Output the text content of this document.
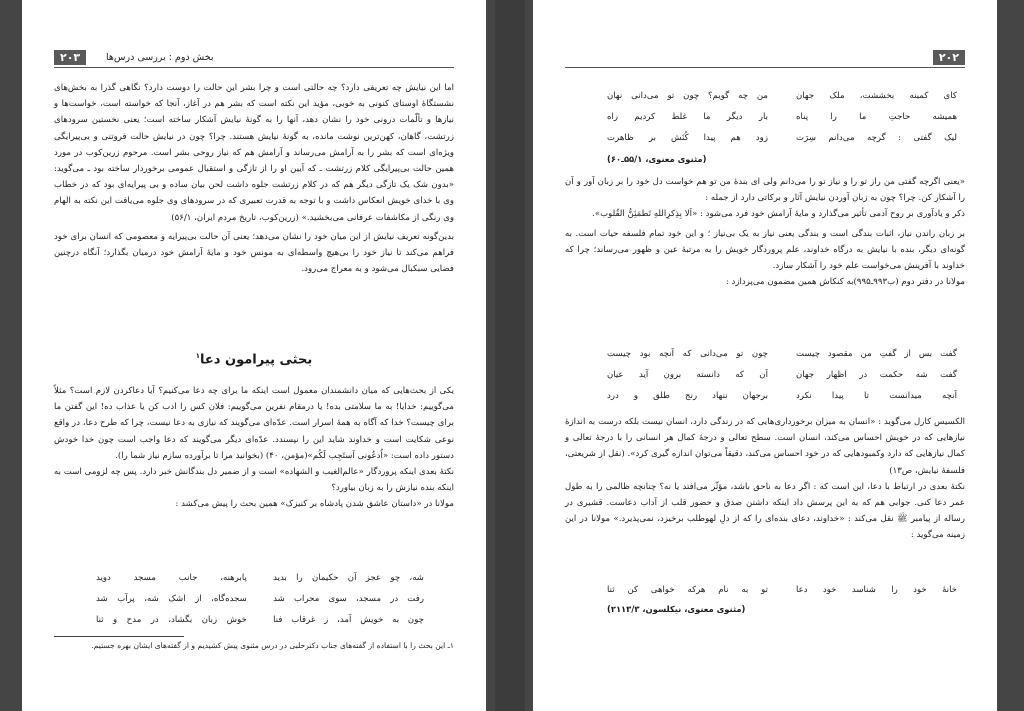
۲۰۳	بخش دوم : بررسی درس‌ها

اما این نیایش چه تعریفی دارد؟ چه حالتی است و چرا بشر این حالت را دوست دارد؟ نگاهی گذرا به بخش‌های نشستگاهٔ اوستای کنونی به خوبی، مؤید این نکته است که بشر هم در آغاز، آنجا که خواسته است، خواست‌ها و نیازها و تألّمات درونی خود را نشان دهد، آنها را به گونهٔ نیایش آشکار ساخته است؛ یعنی نخستین سرودهای زرتشت، گاهان، کهن‌ترین نوشت مانده، به گونهٔ نیایش هستند. چرا؟ چون در نیایش حالت فروتنی و بی‌پیرایگی ویژه‌ای است که بشر را به آرامش می‌رساند و آرامش هم که نیاز روحی بشر است. مرحوم زرین‌کوب در مورد همین حالت بی‌پیرایگی کلام زرتشت ـ که آیین او را از تازگی و استقبال عمومی برخوردار ساخته بود ـ می‌گوید: «بدون شک یک تازگی دیگر هم که در کلام زرتشت جلوه داشت لحن بیان ساده و بی پیرایه‌ای بود که در خطاب وی با خدای خویش انعکاس داشت و با توجه به قدرت تعبیری که در سرودهای وی جلوه می‌یافت این نکته به الهام وی رنگی از مکاشفات عرفانی می‌بخشید.» (زرین‌کوب، تاریخ مردم ایران، ۵۶/۱)

بدین‌گونه تعریف نیایش از این میان خود را نشان می‌دهد؛ یعنی آن حالت بی‌پیرایه و معصومی که انسان برای خود فراهم می‌کند تا نیاز خود را بی‌هیچ واسطه‌ای به مونس خود و مایهٔ آرامش خود درمیان بگذارد؛ آنگاه درچنین فضایی سبکبال می‌شود و به معراج می‌رود.

بحثی پیرامون دعا$^۱$

یکی از بحث‌هایی که میان دانشمندان معمول است اینکه ما برای چه دعا می‌کنیم؟ آیا دعاکردن لازم است؟ مثلاً می‌گوییم: خدایا! به ما سلامتی بده! یا درمقام نفرین می‌گوییم: فلان کس را ادب کن یا عذاب ده! این گفتن ما برای چیست؟ خدا که آگاه به همهٔ اسرار است. عدّه‌ای می‌گویند که نیازی به دعا نیست، چرا که طرح دعا، در واقع نوعی شکایت است و خداوند شاید این را نپسندد. عدّه‌ای دیگر می‌گویند که دعا واجب است چون خدا خودش دستور داده است: «اُدعُونی اَستَجِب لَکُم»(مؤمن، ۴۰) (بخوانید مرا تا برآورده سازم نیاز شما را).

نکتهٔ بعدی اینکه پروردگار «عالم‌الغیب و الشهاده» است و از ضمیر دل بندگانش خبر دارد. پس چه لزومی است به اینکه بنده نیازش را به زبان بیاورد؟

مولانا در «داستان عاشق شدن پادشاه بر کنیزک» همین بحث را پیش می‌کشد :

شه، چو عجز آن حکیمان را بدید
پابرهنه، جانب مسجد دوید
رفت در مسجد، سوی محراب شد
سجده‌گاه، از اشک شه، پرآب شد
چون به خویش آمد، ز غرقاب فنا
خوش زبان بگشاد، در مدح و ثنا
۱ـ این بحث را با استفاده از گفته‌های جناب دکترحلبی در درس مثنوی پیش کشیدیم و از گفته‌های ایشان بهره جستیم.
۲۰۲
کای کمینه بخششت، ملک جهان
من چه گویم؟ چون تو می‌دانی نهان
همیشه حاجتِ ما را پناه
بار دیگر ما غلط کردیم راه
لیک گفتی : گرچه می‌دانم سِرَت
زود هم پیدا کُنَش بر ظاهرت
(مثنوی معنوی، ۵۵/۱ـ۶۰)

«یعنی اگرچه گفتی من راز تو را و نیاز تو را می‌دانم ولی ای بندهٔ من تو هم خواست دل خود را بر زبان آور و آن را آشکار کن. چرا؟ چون به زبان آوردن نیایش آثار و برکاتی دارد از جمله :

ذکر و یادآوری بر روح آدمی تأثیر می‌گذارد و مایهٔ آرامش خود فرد می‌شود : «اَلا بِذِکرِاللهِ تَطمَئِنُّ القُلوب».

بر زبان راندن نیاز، اثبات بندگی است و بندگی یعنی نیاز به یک بی‌نیاز ؛ و این خود تمام فلسفه حیات است. به گونه‌ای دیگر، بنده با نیایش به درگاه خداوند، علم پروردگار خویش را به مرتبهٔ عین و ظهور می‌رساند؛ چرا که خداوند با آفرینش می‌خواست علم خود را آشکار سازد.

مولانا در دفتر دوم (ب۹۹۳ـ۹۹۵)به کنکاش همین مضمون می‌پردازد :

گفت بس از گفتِ من مقصود چیست
چون تو می‌دانی که آنچه بود چیست
گفت شه حکمت در اظهار جهان
آن که دانسته برون آید عیان
آنچه میدانست تا پیدا نکرد
برجهان ننهاد رنج طلق و درد

الکسیس کارل می‌گوید : «انسان به میزان برخورداری‌هایی که در زندگی دارد، انسان نیست بلکه درست به اندازهٔ نیازهایی که در خویش احساس می‌کند، انسان است. سطح تعالی و درجهٔ کمال هر انسانی را با درجهٔ تعالی و کمال نیازهایی که دارد وکمبودهایی که در خود احساس می‌کند، دقیقاً می‌توان اندازه گیری کرد». (نقل از شریعتی، فلسفهٔ نیایش، ص۱۳)

نکتهٔ بعدی در ارتباط با دعا، این است که : اگر دعا به ناحق باشد، مؤثّر می‌افتد یا نه؟ چنانچه ظالمی را به طول عمر دعا کنی. جوابی هم که به این پرسش داد اینکه داشتن صدق و حضور قلب از آداب دعاست. قشیری در رساله از پیامبر ﷺ نقل می‌کند : «خداوند، دعای بنده‌ای را که از دلِ لهوطلب برخیزد، نمی‌پذیرد.» مولانا در این زمینه می‌گوید :

خانهٔ خود را شناسد خود دعا
تو به نام هرکه خواهی کن ثنا
(مثنوی معنوی، نیکلسون، ۲۱۱۳/۳)
